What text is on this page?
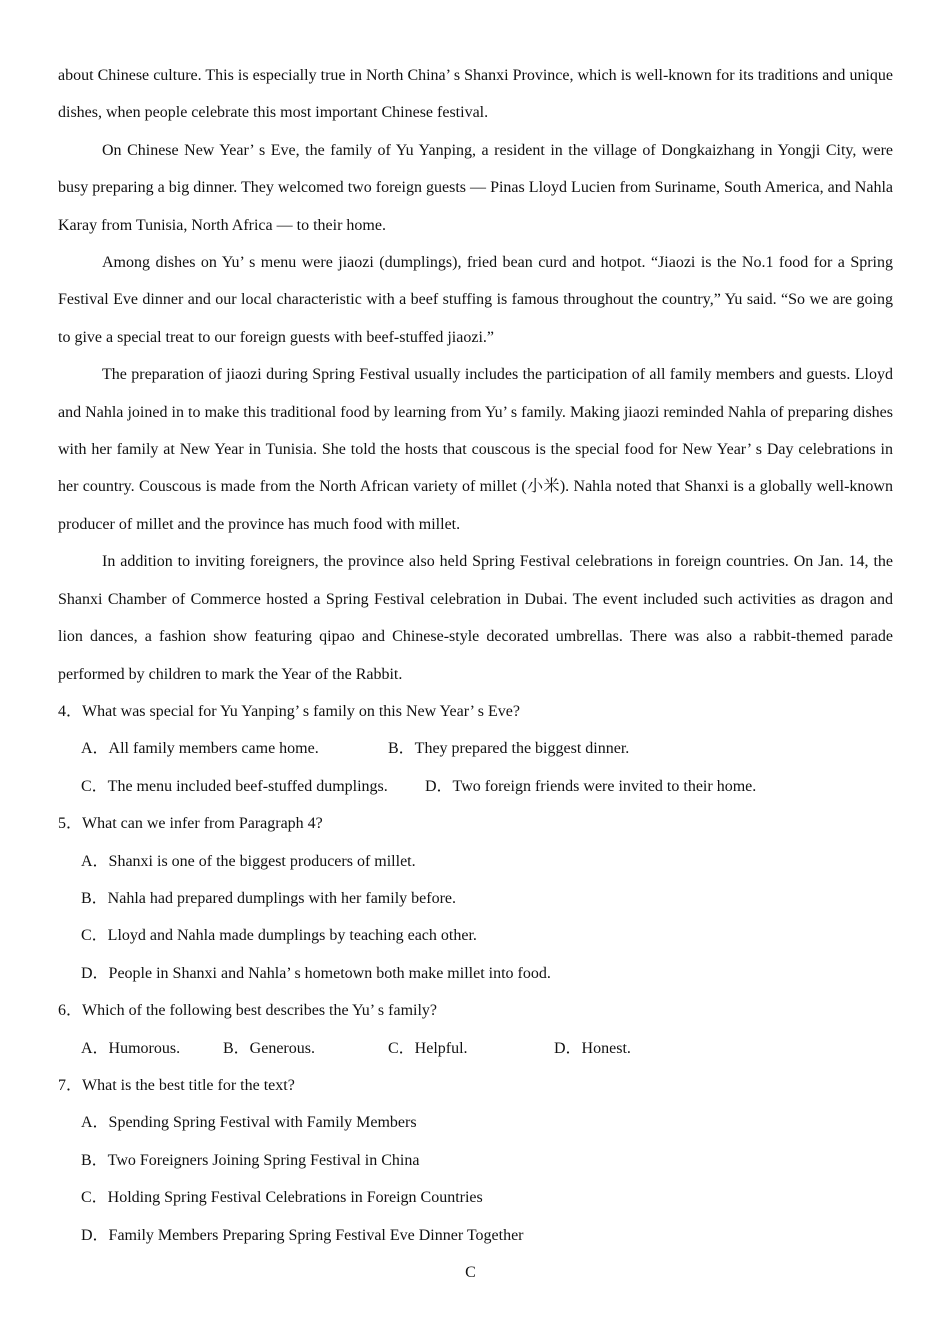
about Chinese culture. This is especially true in North China’ s Shanxi Province, which is well-known for its traditions and unique dishes, when people celebrate this most important Chinese festival.

On Chinese New Year’ s Eve, the family of Yu Yanping, a resident in the village of Dongkaizhang in Yongji City, were busy preparing a big dinner. They welcomed two foreign guests — Pinas Lloyd Lucien from Suriname, South America, and Nahla Karay from Tunisia, North Africa — to their home.

Among dishes on Yu’ s menu were jiaozi (dumplings), fried bean curd and hotpot. “Jiaozi is the No.1 food for a Spring Festival Eve dinner and our local characteristic with a beef stuffing is famous throughout the country,” Yu said. “So we are going to give a special treat to our foreign guests with beef-stuffed jiaozi.”

The preparation of jiaozi during Spring Festival usually includes the participation of all family members and guests. Lloyd and Nahla joined in to make this traditional food by learning from Yu’ s family. Making jiaozi reminded Nahla of preparing dishes with her family at New Year in Tunisia. She told the hosts that couscous is the special food for New Year’ s Day celebrations in her country. Couscous is made from the North African variety of millet (小米). Nahla noted that Shanxi is a globally well-known producer of millet and the province has much food with millet.

In addition to inviting foreigners, the province also held Spring Festival celebrations in foreign countries. On Jan. 14, the Shanxi Chamber of Commerce hosted a Spring Festival celebration in Dubai. The event included such activities as dragon and lion dances, a fashion show featuring qipao and Chinese-style decorated umbrellas. There was also a rabbit-themed parade performed by children to mark the Year of the Rabbit.

4．What was special for Yu Yanping’ s family on this New Year’ s Eve?

A．All family members came home.	B．They prepared the biggest dinner.
C．The menu included beef-stuffed dumplings.	D．Two foreign friends were invited to their home.

5．What can we infer from Paragraph 4?

A．Shanxi is one of the biggest producers of millet.

B．Nahla had prepared dumplings with her family before.

C．Lloyd and Nahla made dumplings by teaching each other.

D．People in Shanxi and Nahla’ s hometown both make millet into food.

6．Which of the following best describes the Yu’ s family?

A．Humorous.	B．Generous.	C．Helpful.	D．Honest.

7．What is the best title for the text?

A．Spending Spring Festival with Family Members

B．Two Foreigners Joining Spring Festival in China

C．Holding Spring Festival Celebrations in Foreign Countries

D．Family Members Preparing Spring Festival Eve Dinner Together

C
